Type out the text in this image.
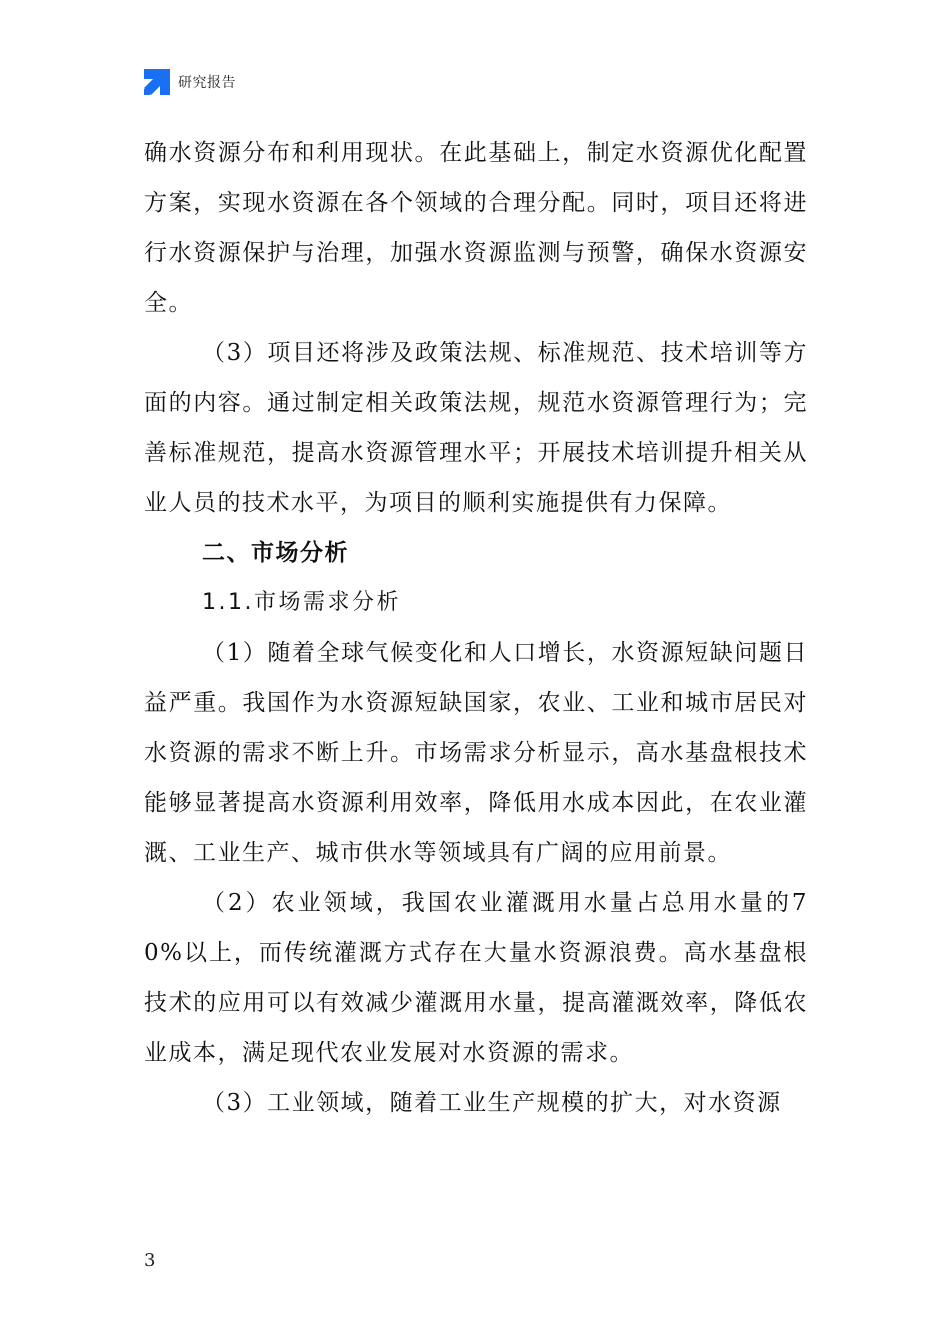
研究报告

确水资源分布和利用现状。在此基础上，制定水资源优化配置方案，实现水资源在各个领域的合理分配。同时，项目还将进行水资源保护与治理，加强水资源监测与预警，确保水资源安全。

（3）项目还将涉及政策法规、标准规范、技术培训等方面的内容。通过制定相关政策法规，规范水资源管理行为；完善标准规范，提高水资源管理水平；开展技术培训提升相关从业人员的技术水平，为项目的顺利实施提供有力保障。

二、市场分析

1.1.市场需求分析

（1）随着全球气候变化和人口增长，水资源短缺问题日益严重。我国作为水资源短缺国家，农业、工业和城市居民对水资源的需求不断上升。市场需求分析显示，高水基盘根技术能够显著提高水资源利用效率，降低用水成本因此，在农业灌溉、工业生产、城市供水等领域具有广阔的应用前景。

（2）农业领域，我国农业灌溉用水量占总用水量的70%以上，而传统灌溉方式存在大量水资源浪费。高水基盘根技术的应用可以有效减少灌溉用水量，提高灌溉效率，降低农业成本，满足现代农业发展对水资源的需求。

（3）工业领域，随着工业生产规模的扩大，对水资源

3
